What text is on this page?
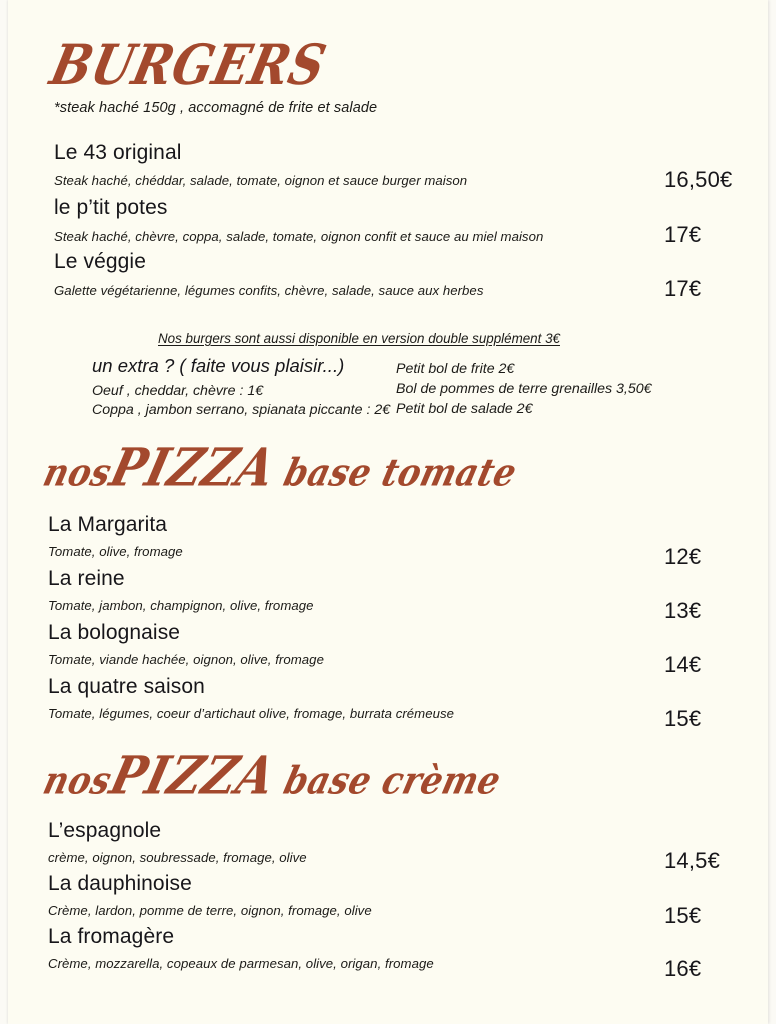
BURGERS
*steak haché 150g , accomagné de frite et salade
Le 43 original
Steak haché, chéddar, salade, tomate, oignon et sauce burger maison	16,50€
le p’tit potes
Steak haché, chèvre, coppa, salade, tomate, oignon confit et sauce au miel maison	17€
Le véggie
Galette végétarienne, légumes confits, chèvre, salade, sauce aux herbes	17€
Nos burgers sont aussi disponible en version double supplément 3€
un extra ? ( faite vous plaisir...)
Oeuf , cheddar, chèvre : 1€
Coppa , jambon serrano, spianata piccante : 2€
Petit bol de frite 2€
Bol de pommes de terre grenailles 3,50€
Petit bol de salade 2€
nosPIZZA base tomate
La Margarita
Tomate, olive, fromage	12€
La reine
Tomate, jambon, champignon, olive, fromage	13€
La bolognaise
Tomate, viande hachée, oignon, olive, fromage	14€
La quatre saison
Tomate, légumes, coeur d’artichaut olive, fromage, burrata crémeuse	15€
nosPIZZA base crème
L’espagnole
crème, oignon, soubressade, fromage, olive	14,5€
La dauphinoise
Crème, lardon, pomme de terre, oignon, fromage, olive	15€
La fromagère
Crème, mozzarella, copeaux de parmesan, olive, origan, fromage	16€
